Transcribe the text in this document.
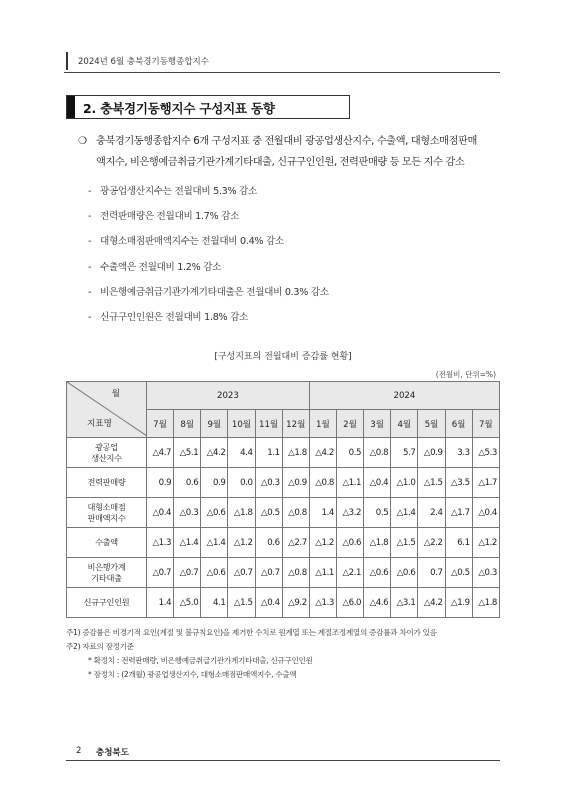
2024년 6월 충북경기동행종합지수
2. 충북경기동행지수 구성지표 동향
❍ 충북경기동행종합지수 6개 구성지표 중 전월대비 광공업생산지수, 수출액, 대형소매점판매
액지수, 비은행예금취급기관가계기타대출, 신규구인인원, 전력판매량 등 모든 지수 감소
- 광공업생산지수는 전월대비 5.3% 감소
- 전력판매량은 전월대비 1.7% 감소
- 대형소매점판매액지수는 전월대비 0.4% 감소
- 수출액은 전월대비 1.2% 감소
- 비은행예금취급기관가계기타대출은 전월대비 0.3% 감소
- 신규구인인원은 전월대비 1.8% 감소
[구성지표의 전월대비 증감률 현황]
(전월비, 단위=%)
월
지표명	2023						2024						
	7월	8월	9월	10월	11월	12월	1월	2월	3월	4월	5월	6월	7월
광공업
생산지수	△4.7	△5.1	△4.2	4.4	1.1	△1.8	△4.2	0.5	△0.8	5.7	△0.9	3.3	△5.3
전력판매량	0.9	0.6	0.9	0.0	△0.3	△0.9	△0.8	△1.1	△0.4	△1.0	△1.5	△3.5	△1.7
대형소매점
판매액지수	△0.4	△0.3	△0.6	△1.8	△0.5	△0.8	1.4	△3.2	0.5	△1.4	2.4	△1.7	△0.4
수출액	△1.3	△1.4	△1.4	△1.2	0.6	△2.7	△1.2	△0.6	△1.8	△1.5	△2.2	6.1	△1.2
비은행가계
기타대출	△0.7	△0.7	△0.6	△0.7	△0.7	△0.8	△1.1	△2.1	△0.6	△0.6	0.7	△0.5	△0.3
신규구인인원	1.4	△5.0	4.1	△1.5	△0.4	△9.2	△1.3	△6.0	△4.6	△3.1	△4.2	△1.9	△1.8
주1) 증감률은 비경기적 요인(계절 및 불규칙요인)을 제거한 수치로 원계열 또는 계절조정계열의 증감률과 차이가 있음
주2) 자료의 잠정기준
* 확정치 : 전력판매량, 비은행예금취급기관가계기타대출, 신규구인인원
* 잠정치 : (2개월) 광공업생산지수, 대형소매점판매액지수, 수출액
2 충청북도
